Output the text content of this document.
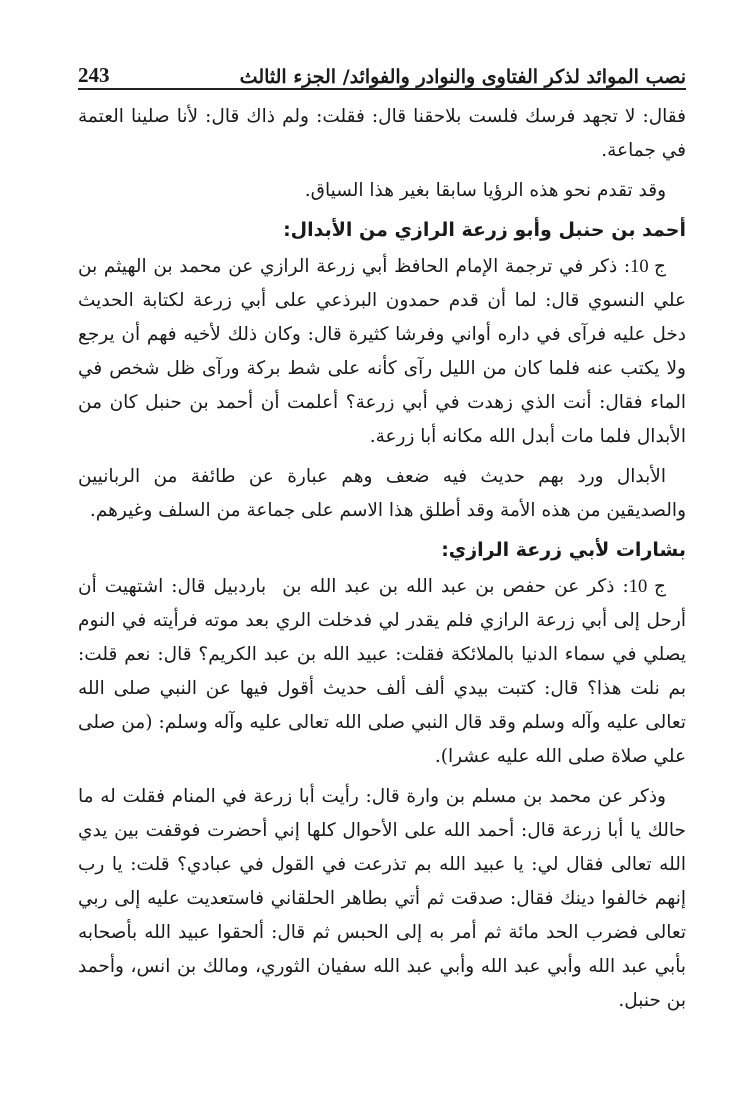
نصب الموائد لذكر الفتاوى والنوادر والفوائد/ الجزء الثالث
243

فقال: لا تجهد فرسك فلست بلاحقنا قال: فقلت: ولم ذاك قال: لأنا صلينا العتمة في جماعة.

وقد تقدم نحو هذه الرؤيا سابقا بغير هذا السياق.

أحمد بن حنبل وأبو زرعة الرازي من الأبدال:

ج 10: ذكر في ترجمة الإمام الحافظ أبي زرعة الرازي عن محمد بن الهيثم بن علي النسوي قال: لما أن قدم حمدون البرذعي على أبي زرعة لكتابة الحديث دخل عليه فرآى في داره أواني وفرشا كثيرة قال: وكان ذلك لأخيه فهم أن يرجع ولا يكتب عنه فلما كان من الليل رآى كأنه على شط بركة ورآى ظل شخص في الماء فقال: أنت الذي زهدت في أبي زرعة؟ أعلمت أن أحمد بن حنبل كان من الأبدال فلما مات أبدل الله مكانه أبا زرعة.

الأبدال ورد بهم حديث فيه ضعف وهم عبارة عن طائفة من الربانيين والصديقين من هذه الأمة وقد أطلق هذا الاسم على جماعة من السلف وغيرهم.

بشارات لأبي زرعة الرازي:

ج 10: ذكر عن حفص بن عبد الله بن عبد الله بن ‏باردبيل قال: اشتهيت أن أرحل إلى أبي زرعة الرازي فلم يقدر لي فدخلت الري بعد موته فرأيته في النوم يصلي في سماء الدنيا بالملائكة فقلت: عبيد الله بن عبد الكريم؟ قال: نعم قلت: بم نلت هذا؟ قال: كتبت بيدي ألف ألف حديث أقول فيها عن النبي صلى الله تعالى عليه وآله وسلم وقد قال النبي صلى الله تعالى عليه وآله وسلم: (من صلى علي صلاة صلى الله عليه عشرا).

وذكر عن محمد بن مسلم بن وارة قال: رأيت أبا زرعة في المنام فقلت له ما حالك يا أبا زرعة قال: أحمد الله على الأحوال كلها إني أحضرت فوقفت بين يدي الله تعالى فقال لي: يا عبيد الله بم تذرعت في القول في عبادي؟ قلت: يا رب إنهم خالفوا دينك فقال: صدقت ثم أتي بطاهر الحلقاني فاستعديت عليه إلى ربي تعالى فضرب الحد مائة ثم أمر به إلى الحبس ثم قال: ألحقوا عبيد الله بأصحابه بأبي عبد الله وأبي عبد الله وأبي عبد الله سفيان الثوري، ومالك بن انس، وأحمد بن حنبل.
